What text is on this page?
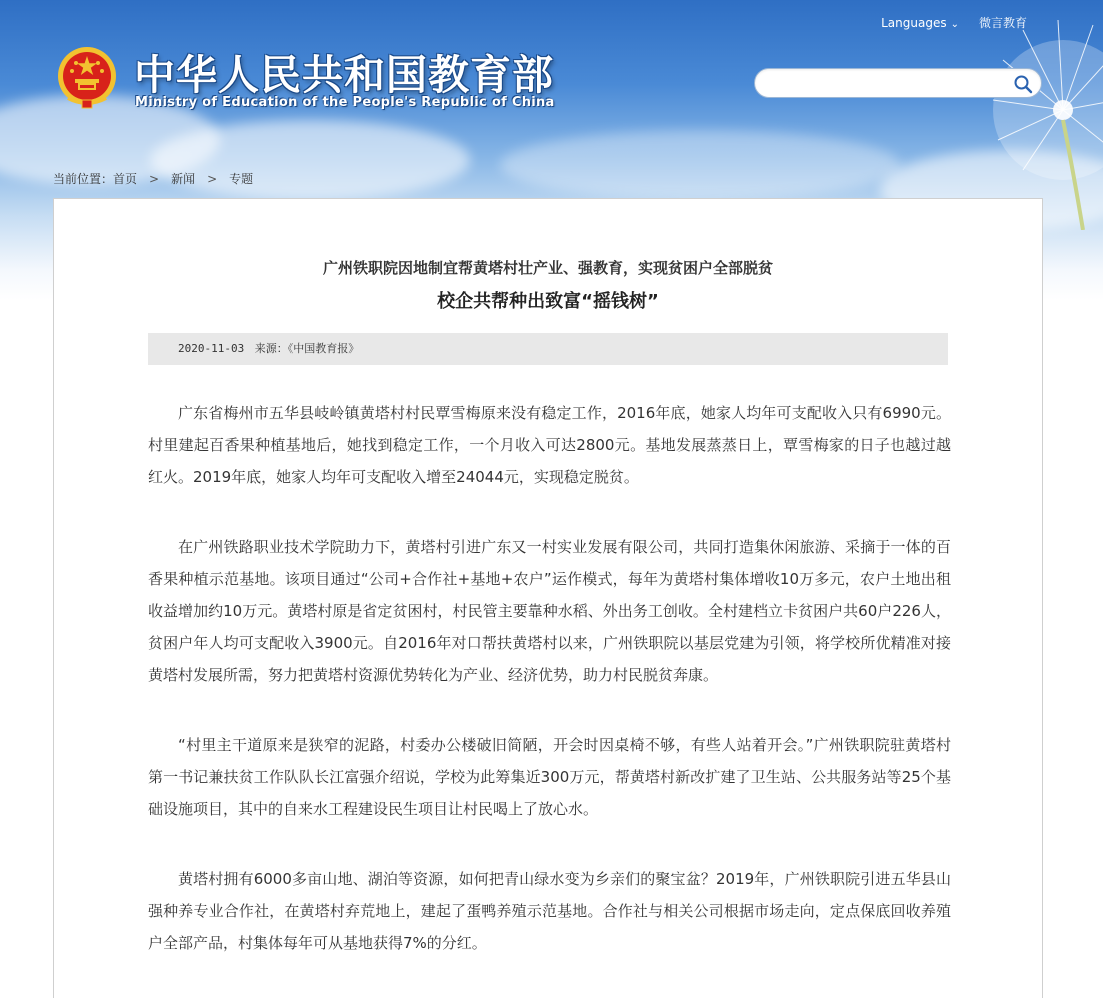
Languages ⌄ 微言教育
中华人民共和国教育部
Ministry of Education of the People's Republic of China
当前位置： 首页 > 新闻 > 专题
广州铁职院因地制宜帮黄塔村壮产业、强教育，实现贫困户全部脱贫
校企共帮种出致富“摇钱树”
2020-11-03 来源：《中国教育报》

广东省梅州市五华县岐岭镇黄塔村村民覃雪梅原来没有稳定工作，2016年底，她家人均年可支配收入只有6990元。村里建起百香果种植基地后，她找到稳定工作，一个月收入可达2800元。基地发展蒸蒸日上，覃雪梅家的日子也越过越红火。2019年底，她家人均年可支配收入增至24044元，实现稳定脱贫。

在广州铁路职业技术学院助力下，黄塔村引进广东又一村实业发展有限公司，共同打造集休闲旅游、采摘于一体的百香果种植示范基地。该项目通过“公司+合作社+基地+农户”运作模式，每年为黄塔村集体增收10万多元，农户土地出租收益增加约10万元。黄塔村原是省定贫困村，村民管主要靠种水稻、外出务工创收。全村建档立卡贫困户共60户226人，贫困户年人均可支配收入3900元。自2016年对口帮扶黄塔村以来，广州铁职院以基层党建为引领，将学校所优精准对接黄塔村发展所需，努力把黄塔村资源优势转化为产业、经济优势，助力村民脱贫奔康。

“村里主干道原来是狭窄的泥路，村委办公楼破旧简陋，开会时因桌椅不够，有些人站着开会。”广州铁职院驻黄塔村第一书记兼扶贫工作队队长江富强介绍说，学校为此筹集近300万元，帮黄塔村新改扩建了卫生站、公共服务站等25个基础设施项目，其中的自来水工程建设民生项目让村民喝上了放心水。

黄塔村拥有6000多亩山地、湖泊等资源，如何把青山绿水变为乡亲们的聚宝盆？2019年，广州铁职院引进五华县山强种养专业合作社，在黄塔村弃荒地上，建起了蛋鸭养殖示范基地。合作社与相关公司根据市场走向，定点保底回收养殖户全部产品，村集体每年可从基地获得7%的分红。
